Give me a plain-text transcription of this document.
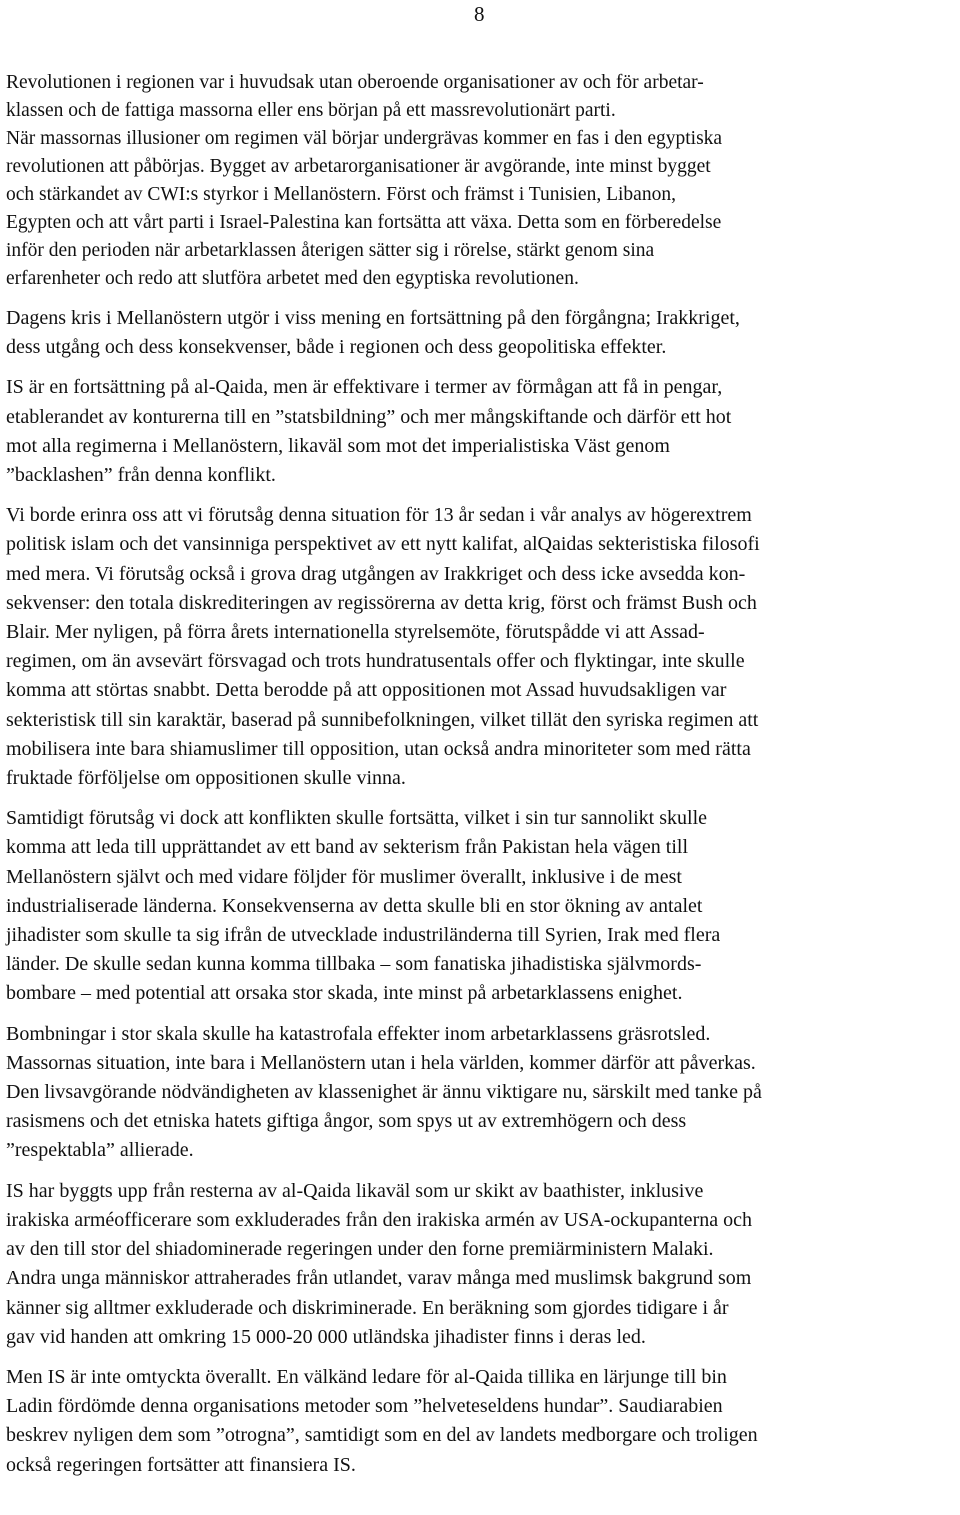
8
Revolutionen i regionen var i huvudsak utan oberoende organisationer av och för arbetar-
klassen och de fattiga massorna eller ens början på ett massrevolutionärt parti.
När massornas illusioner om regimen väl börjar undergrävas kommer en fas i den egyptiska
revolutionen att påbörjas. Bygget av arbetarorganisationer är avgörande, inte minst bygget
och stärkandet av CWI:s styrkor i Mellanöstern. Först och främst i Tunisien, Libanon,
Egypten och att vårt parti i Israel-Palestina kan fortsätta att växa. Detta som en förberedelse
inför den perioden när arbetarklassen återigen sätter sig i rörelse, stärkt genom sina
erfarenheter och redo att slutföra arbetet med den egyptiska revolutionen.
Dagens kris i Mellanöstern utgör i viss mening en fortsättning på den förgångna; Irakkriget,
dess utgång och dess konsekvenser, både i regionen och dess geopolitiska effekter.
IS är en fortsättning på al-Qaida, men är effektivare i termer av förmågan att få in pengar,
etablerandet av konturerna till en ”statsbildning” och mer mångskiftande och därför ett hot
mot alla regimerna i Mellanöstern, likaväl som mot det imperialistiska Väst genom
”backlashen” från denna konflikt.
Vi borde erinra oss att vi förutsåg denna situation för 13 år sedan i vår analys av högerextrem
politisk islam och det vansinniga perspektivet av ett nytt kalifat, alQaidas sekteristiska filosofi
med mera. Vi förutsåg också i grova drag utgången av Irakkriget och dess icke avsedda kon-
sekvenser: den totala diskrediteringen av regissörerna av detta krig, först och främst Bush och
Blair. Mer nyligen, på förra årets internationella styrelsemöte, förutspådde vi att Assad-
regimen, om än avsevärt försvagad och trots hundratusentals offer och flyktingar, inte skulle
komma att störtas snabbt. Detta berodde på att oppositionen mot Assad huvudsakligen var
sekteristisk till sin karaktär, baserad på sunnibefolkningen, vilket tillät den syriska regimen att
mobilisera inte bara shiamuslimer till opposition, utan också andra minoriteter som med rätta
fruktade förföljelse om oppositionen skulle vinna.
Samtidigt förutsåg vi dock att konflikten skulle fortsätta, vilket i sin tur sannolikt skulle
komma att leda till upprättandet av ett band av sekterism från Pakistan hela vägen till
Mellanöstern självt och med vidare följder för muslimer överallt, inklusive i de mest
industrialiserade länderna. Konsekvenserna av detta skulle bli en stor ökning av antalet
jihadister som skulle ta sig ifrån de utvecklade industriländerna till Syrien, Irak med flera
länder. De skulle sedan kunna komma tillbaka – som fanatiska jihadistiska självmords-
bombare – med potential att orsaka stor skada, inte minst på arbetarklassens enighet.
Bombningar i stor skala skulle ha katastrofala effekter inom arbetarklassens gräsrotsled.
Massornas situation, inte bara i Mellanöstern utan i hela världen, kommer därför att påverkas.
Den livsavgörande nödvändigheten av klassenighet är ännu viktigare nu, särskilt med tanke på
rasismens och det etniska hatets giftiga ångor, som spys ut av extremhögern och dess
”respektabla” allierade.
IS har byggts upp från resterna av al-Qaida likaväl som ur skikt av baathister, inklusive
irakiska arméofficerare som exkluderades från den irakiska armén av USA-ockupanterna och
av den till stor del shiadominerade regeringen under den forne premiärministern Malaki.
Andra unga människor attraherades från utlandet, varav många med muslimsk bakgrund som
känner sig alltmer exkluderade och diskriminerade. En beräkning som gjordes tidigare i år
gav vid handen att omkring 15 000-20 000 utländska jihadister finns i deras led.
Men IS är inte omtyckta överallt. En välkänd ledare för al-Qaida tillika en lärjunge till bin
Ladin fördömde denna organisations metoder som ”helveteseldens hundar”. Saudiarabien
beskrev nyligen dem som ”otrogna”, samtidigt som en del av landets medborgare och troligen
också regeringen fortsätter att finansiera IS.
